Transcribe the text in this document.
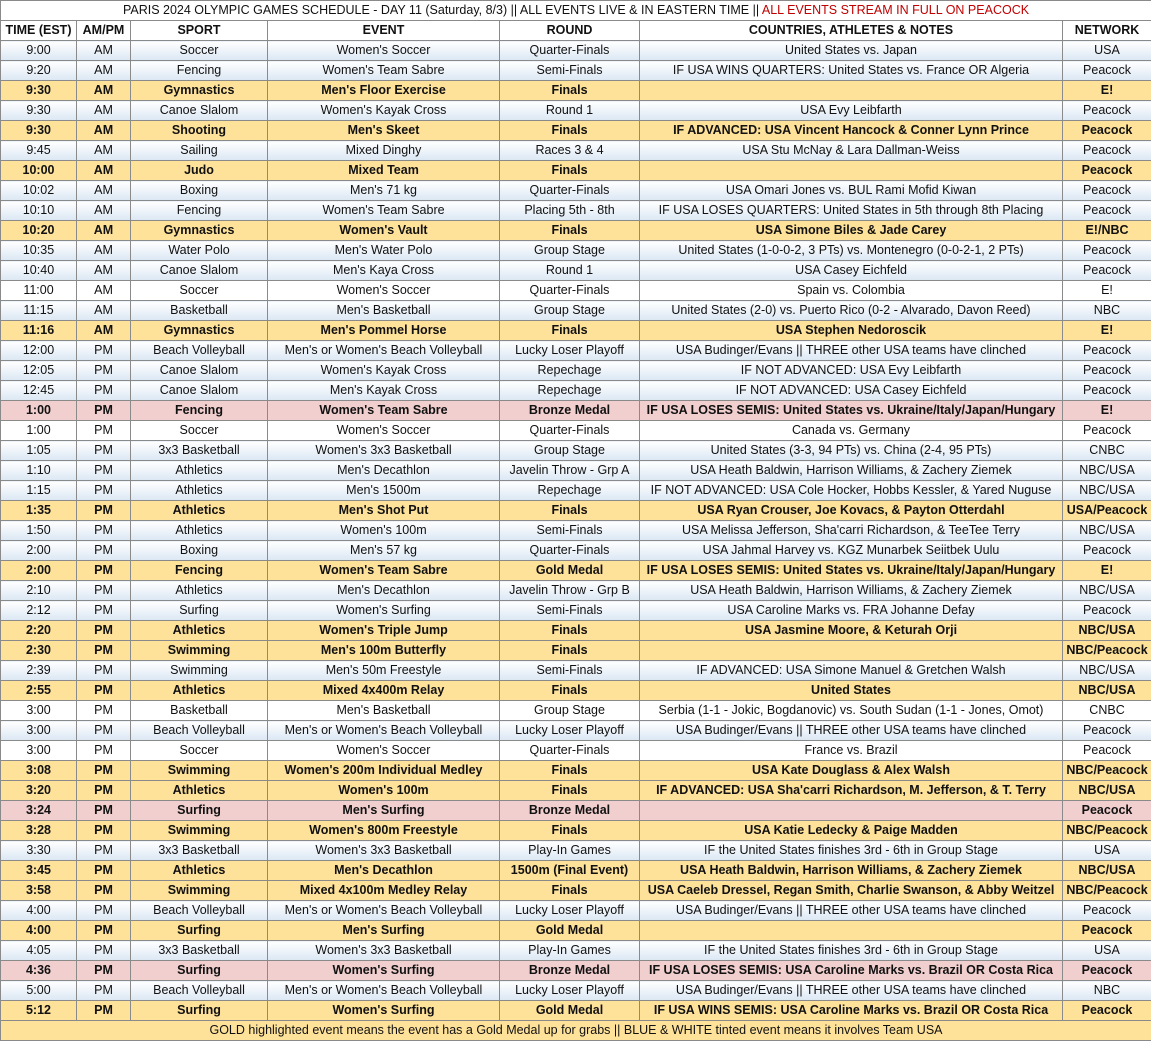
PARIS 2024 OLYMPIC GAMES SCHEDULE - DAY 11 (Saturday, 8/3) || ALL EVENTS LIVE & IN EASTERN TIME || ALL EVENTS STREAM IN FULL ON PEACOCK						
TIME (EST)	AM/PM	SPORT	EVENT	ROUND	COUNTRIES, ATHLETES & NOTES	NETWORK
9:00	AM	Soccer	Women's Soccer	Quarter-Finals	United States vs. Japan	USA
9:20	AM	Fencing	Women's Team Sabre	Semi-Finals	IF USA WINS QUARTERS: United States vs. France OR Algeria	Peacock
9:30	AM	Gymnastics	Men's Floor Exercise	Finals		E!
9:30	AM	Canoe Slalom	Women's Kayak Cross	Round 1	USA Evy Leibfarth	Peacock
9:30	AM	Shooting	Men's Skeet	Finals	IF ADVANCED: USA Vincent Hancock & Conner Lynn Prince	Peacock
9:45	AM	Sailing	Mixed Dinghy	Races 3 & 4	USA Stu McNay & Lara Dallman-Weiss	Peacock
10:00	AM	Judo	Mixed Team	Finals		Peacock
10:02	AM	Boxing	Men's 71 kg	Quarter-Finals	USA Omari Jones vs. BUL Rami Mofid Kiwan	Peacock
10:10	AM	Fencing	Women's Team Sabre	Placing 5th - 8th	IF USA LOSES QUARTERS: United States in 5th through 8th Placing	Peacock
10:20	AM	Gymnastics	Women's Vault	Finals	USA Simone Biles & Jade Carey	E!/NBC
10:35	AM	Water Polo	Men's Water Polo	Group Stage	United States (1-0-0-2, 3 PTs) vs. Montenegro (0-0-2-1, 2 PTs)	Peacock
10:40	AM	Canoe Slalom	Men's Kaya Cross	Round 1	USA Casey Eichfeld	Peacock
11:00	AM	Soccer	Women's Soccer	Quarter-Finals	Spain vs. Colombia	E!
11:15	AM	Basketball	Men's Basketball	Group Stage	United States (2-0) vs. Puerto Rico (0-2 - Alvarado, Davon Reed)	NBC
11:16	AM	Gymnastics	Men's Pommel Horse	Finals	USA Stephen Nedoroscik	E!
12:00	PM	Beach Volleyball	Men's or Women's Beach Volleyball	Lucky Loser Playoff	USA Budinger/Evans || THREE other USA teams have clinched	Peacock
12:05	PM	Canoe Slalom	Women's Kayak Cross	Repechage	IF NOT ADVANCED: USA Evy Leibfarth	Peacock
12:45	PM	Canoe Slalom	Men's Kayak Cross	Repechage	IF NOT ADVANCED: USA Casey Eichfeld	Peacock
1:00	PM	Fencing	Women's Team Sabre	Bronze Medal	IF USA LOSES SEMIS: United States vs. Ukraine/Italy/Japan/Hungary	E!
1:00	PM	Soccer	Women's Soccer	Quarter-Finals	Canada vs. Germany	Peacock
1:05	PM	3x3 Basketball	Women's 3x3 Basketball	Group Stage	United States (3-3, 94 PTs) vs. China (2-4, 95 PTs)	CNBC
1:10	PM	Athletics	Men's Decathlon	Javelin Throw - Grp A	USA Heath Baldwin, Harrison Williams, & Zachery Ziemek	NBC/USA
1:15	PM	Athletics	Men's 1500m	Repechage	IF NOT ADVANCED: USA Cole Hocker, Hobbs Kessler, & Yared Nuguse	NBC/USA
1:35	PM	Athletics	Men's Shot Put	Finals	USA Ryan Crouser, Joe Kovacs, & Payton Otterdahl	USA/Peacock
1:50	PM	Athletics	Women's 100m	Semi-Finals	USA Melissa Jefferson, Sha'carri Richardson, & TeeTee Terry	NBC/USA
2:00	PM	Boxing	Men's 57 kg	Quarter-Finals	USA Jahmal Harvey vs. KGZ Munarbek Seiitbek Uulu	Peacock
2:00	PM	Fencing	Women's Team Sabre	Gold Medal	IF USA LOSES SEMIS: United States vs. Ukraine/Italy/Japan/Hungary	E!
2:10	PM	Athletics	Men's Decathlon	Javelin Throw - Grp B	USA Heath Baldwin, Harrison Williams, & Zachery Ziemek	NBC/USA
2:12	PM	Surfing	Women's Surfing	Semi-Finals	USA Caroline Marks vs. FRA Johanne Defay	Peacock
2:20	PM	Athletics	Women's Triple Jump	Finals	USA Jasmine Moore, & Keturah Orji	NBC/USA
2:30	PM	Swimming	Men's 100m Butterfly	Finals		NBC/Peacock
2:39	PM	Swimming	Men's 50m Freestyle	Semi-Finals	IF ADVANCED: USA Simone Manuel & Gretchen Walsh	NBC/USA
2:55	PM	Athletics	Mixed 4x400m Relay	Finals	United States	NBC/USA
3:00	PM	Basketball	Men's Basketball	Group Stage	Serbia (1-1 - Jokic, Bogdanovic) vs. South Sudan (1-1 - Jones, Omot)	CNBC
3:00	PM	Beach Volleyball	Men's or Women's Beach Volleyball	Lucky Loser Playoff	USA Budinger/Evans || THREE other USA teams have clinched	Peacock
3:00	PM	Soccer	Women's Soccer	Quarter-Finals	France vs. Brazil	Peacock
3:08	PM	Swimming	Women's 200m Individual Medley	Finals	USA Kate Douglass & Alex Walsh	NBC/Peacock
3:20	PM	Athletics	Women's 100m	Finals	IF ADVANCED: USA Sha'carri Richardson, M. Jefferson, & T. Terry	NBC/USA
3:24	PM	Surfing	Men's Surfing	Bronze Medal		Peacock
3:28	PM	Swimming	Women's 800m Freestyle	Finals	USA Katie Ledecky & Paige Madden	NBC/Peacock
3:30	PM	3x3 Basketball	Women's 3x3 Basketball	Play-In Games	IF the United States finishes 3rd - 6th in Group Stage	USA
3:45	PM	Athletics	Men's Decathlon	1500m (Final Event)	USA Heath Baldwin, Harrison Williams, & Zachery Ziemek	NBC/USA
3:58	PM	Swimming	Mixed 4x100m Medley Relay	Finals	USA Caeleb Dressel, Regan Smith, Charlie Swanson, & Abby Weitzel	NBC/Peacock
4:00	PM	Beach Volleyball	Men's or Women's Beach Volleyball	Lucky Loser Playoff	USA Budinger/Evans || THREE other USA teams have clinched	Peacock
4:00	PM	Surfing	Men's Surfing	Gold Medal		Peacock
4:05	PM	3x3 Basketball	Women's 3x3 Basketball	Play-In Games	IF the United States finishes 3rd - 6th in Group Stage	USA
4:36	PM	Surfing	Women's Surfing	Bronze Medal	IF USA LOSES SEMIS: USA Caroline Marks vs. Brazil OR Costa Rica	Peacock
5:00	PM	Beach Volleyball	Men's or Women's Beach Volleyball	Lucky Loser Playoff	USA Budinger/Evans || THREE other USA teams have clinched	NBC
5:12	PM	Surfing	Women's Surfing	Gold Medal	IF USA WINS SEMIS: USA Caroline Marks vs. Brazil OR Costa Rica	Peacock
GOLD highlighted event means the event has a Gold Medal up for grabs || BLUE & WHITE tinted event means it involves Team USA						
